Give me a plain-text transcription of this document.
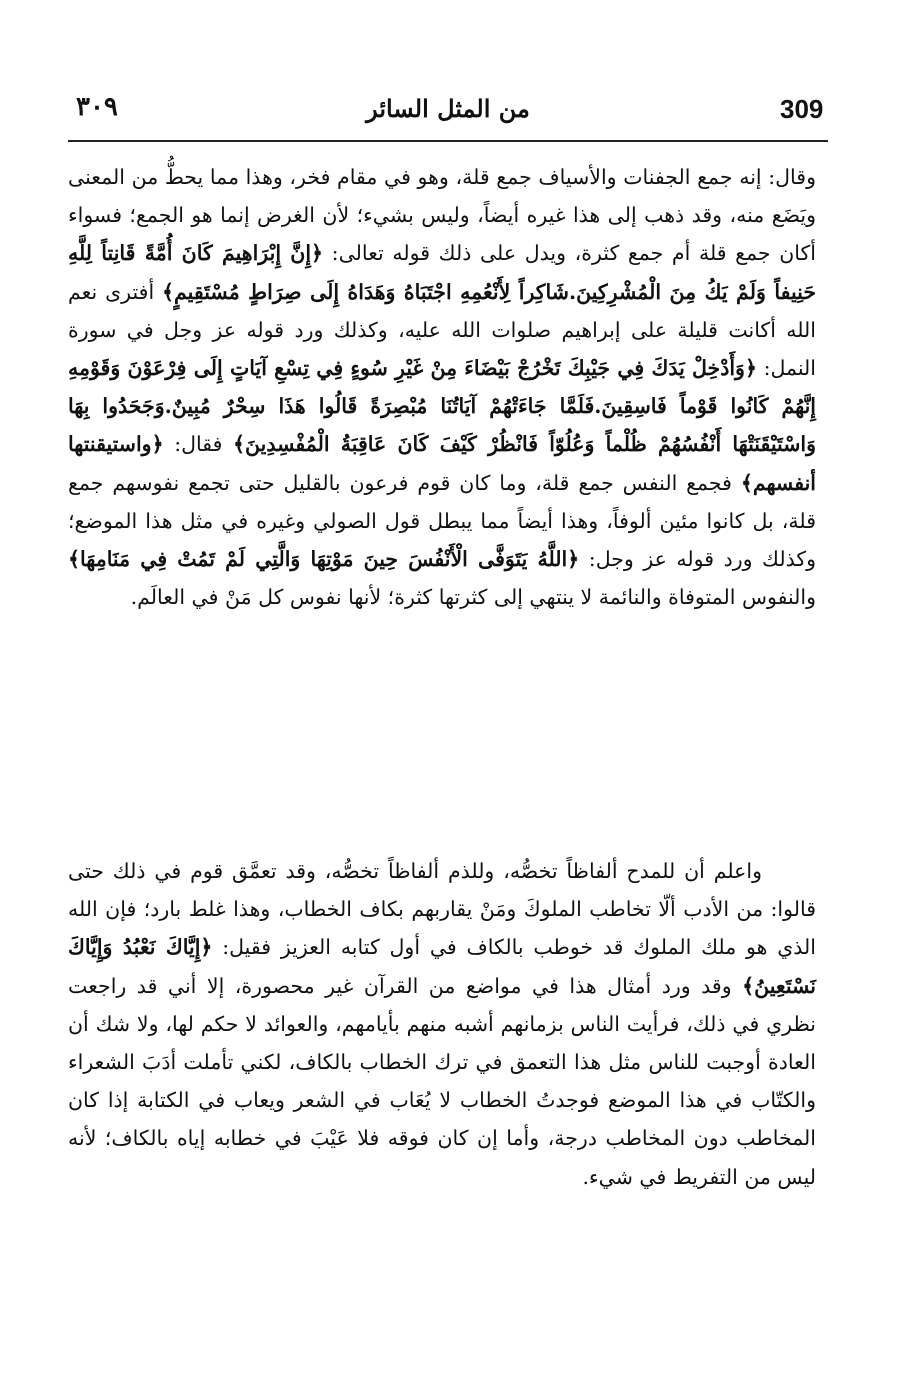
309
من المثل السائر
٣٠٩

وقال: إنه جمع الجفنات والأسياف جمع قلة، وهو في مقام فخر، وهذا مما يحطُّ من المعنى ويَضَع منه، وقد ذهب إلى هذا غيره أيضاً، وليس بشيء؛ لأن الغرض إنما هو الجمع؛ فسواء أكان جمع قلة أم جمع كثرة، ويدل على ذلك قوله تعالى: ﴿إِنَّ إِبْرَاهِيمَ كَانَ أُمَّةً قَانِتاً لِلَّهِ حَنِيفاً وَلَمْ يَكُ مِنَ الْمُشْرِكِينَ.شَاكِراً لِأَنْعُمِهِ اجْتَبَاهُ وَهَدَاهُ إِلَى صِرَاطٍ مُسْتَقِيمٍ﴾ أفترى نعم الله أكانت قليلة على إبراهيم صلوات الله عليه، وكذلك ورد قوله عز وجل في سورة النمل: ﴿وَأَدْخِلْ يَدَكَ فِي جَيْبِكَ تَخْرُجْ بَيْضَاءَ مِنْ غَيْرِ سُوءٍ فِي تِسْعِ آيَاتٍ إِلَى فِرْعَوْنَ وَقَوْمِهِ إِنَّهُمْ كَانُوا قَوْماً فَاسِقِينَ.فَلَمَّا جَاءَتْهُمْ آيَاتُنَا مُبْصِرَةً قَالُوا هَذَا سِحْرٌ مُبِينٌ.وَجَحَدُوا بِهَا وَاسْتَيْقَنَتْهَا أَنْفُسُهُمْ ظُلْماً وَعُلُوّاً فَانْظُرْ كَيْفَ كَانَ عَاقِبَةُ الْمُفْسِدِينَ﴾ فقال: ﴿واستيقنتها أنفسهم﴾ فجمع النفس جمع قلة، وما كان قوم فرعون بالقليل حتى تجمع نفوسهم جمع قلة، بل كانوا مئين ألوفاً، وهذا أيضاً مما يبطل قول الصولي وغيره في مثل هذا الموضع؛ وكذلك ورد قوله عز وجل: ﴿اللَّهُ يَتَوَفَّى الْأَنْفُسَ حِينَ مَوْتِهَا وَالَّتِي لَمْ تَمُتْ فِي مَنَامِهَا﴾ والنفوس المتوفاة والنائمة لا ينتهي إلى كثرتها كثرة؛ لأنها نفوس كل مَنْ في العالَم.

واعلم أن للمدح ألفاظاً تخصُّه، وللذم ألفاظاً تخصُّه، وقد تعمَّق قوم في ذلك حتى قالوا: من الأدب ألّا تخاطب الملوكَ ومَنْ يقاربهم بكاف الخطاب، وهذا غلط بارد؛ فإن الله الذي هو ملك الملوك قد خوطب بالكاف في أول كتابه العزيز فقيل: ﴿إِيَّاكَ نَعْبُدُ وَإِيَّاكَ نَسْتَعِينُ﴾ وقد ورد أمثال هذا في مواضع من القرآن غير محصورة، إلا أني قد راجعت نظري في ذلك، فرأيت الناس بزمانهم أشبه منهم بأيامهم، والعوائد لا حكم لها، ولا شك أن العادة أوجبت للناس مثل هذا التعمق في ترك الخطاب بالكاف، لكني تأملت أدَبَ الشعراء والكتّاب في هذا الموضع فوجدتُ الخطاب لا يُعَاب في الشعر ويعاب في الكتابة إذا كان المخاطب دون المخاطب درجة، وأما إن كان فوقه فلا عَيْبَ في خطابه إياه بالكاف؛ لأنه ليس من التفريط في شيء.
